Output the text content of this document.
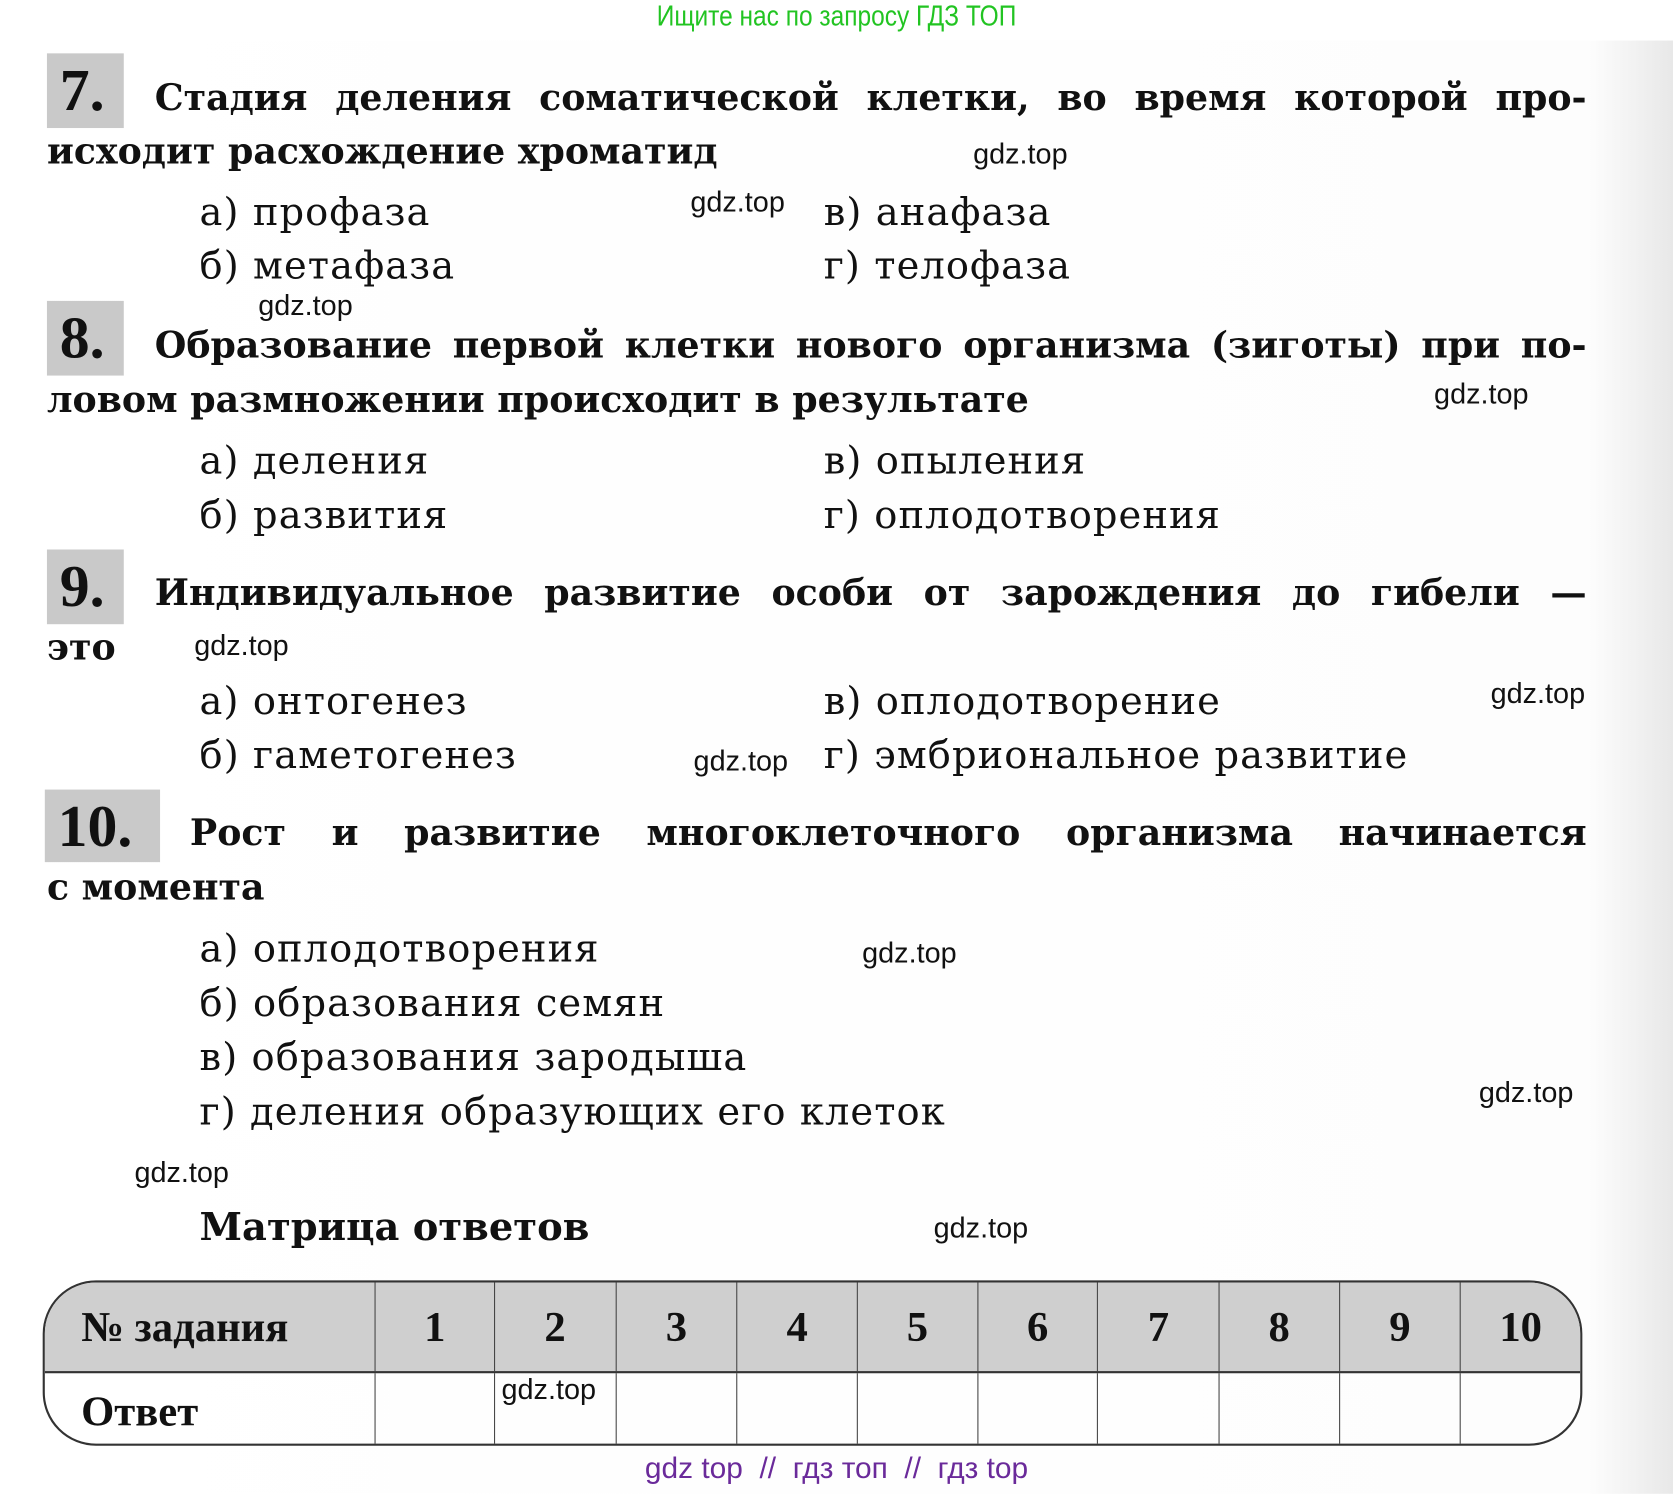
Ищите нас по запросу ГДЗ ТОП
7.	Стадия деления соматической клетки, во время которой про-
исходит расхождение хроматид
а) профаза
б) метафаза
в) анафаза
г) телофаза
8.	Образование первой клетки нового организма (зиготы) при по-
ловом размножении происходит в результате
а) деления
б) развития
в) опыления
г) оплодотворения
9.	Индивидуальное развитие особи от зарождения до гибели —
это
а) онтогенез
б) гаметогенез
в) оплодотворение
г) эмбриональное развитие
10.	Рост и развитие многоклеточного организма начинается
с момента
а) оплодотворения
б) образования семян
в) образования зародыша
г) деления образующих его клеток
Матрица ответов
№ задания	1	2	3	4	5	6	7	8	9	10
Ответ
gdz.top
gdz.top
gdz.top
gdz.top
gdz.top
gdz.top
gdz.top
gdz.top
gdz.top
gdz.top
gdz.top
gdz.top
gdz top  //  гдз топ  //  гдз top
